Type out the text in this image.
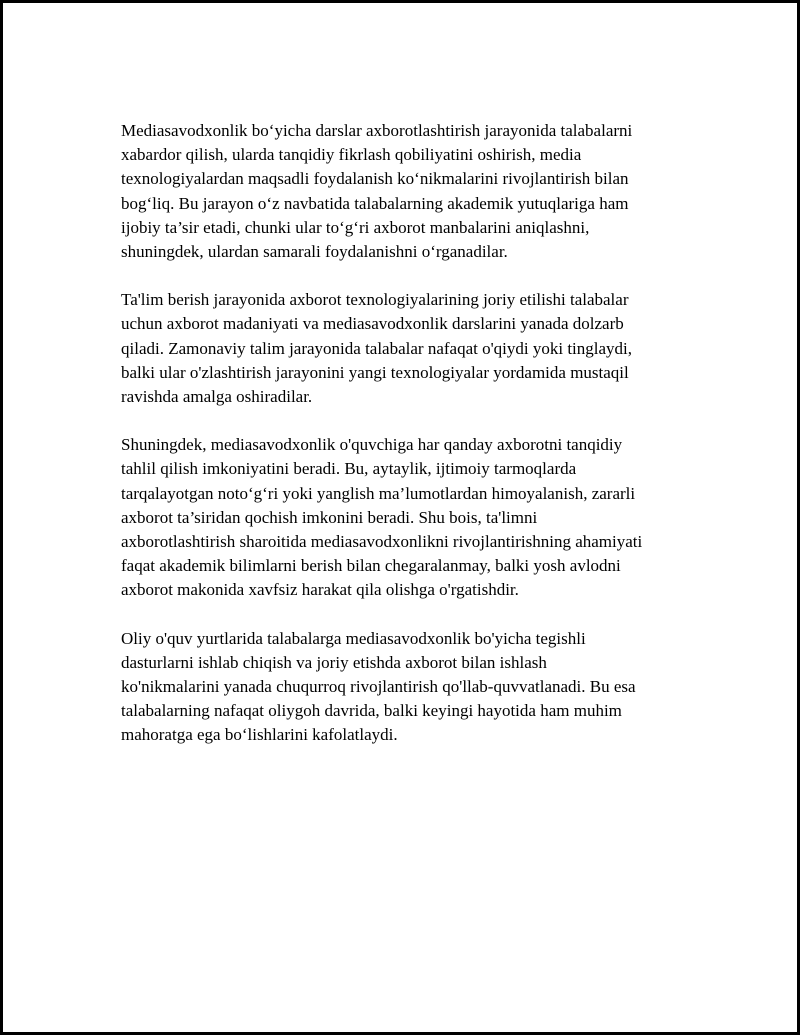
Mediasavodxonlik bo‘yicha darslar axborotlashtirish jarayonida talabalarni
xabardor qilish, ularda tanqidiy fikrlash qobiliyatini oshirish, media
texnologiyalardan maqsadli foydalanish ko‘nikmalarini rivojlantirish bilan
bog‘liq. Bu jarayon o‘z navbatida talabalarning akademik yutuqlariga ham
ijobiy ta’sir etadi, chunki ular to‘g‘ri axborot manbalarini aniqlashni,
shuningdek, ulardan samarali foydalanishni o‘rganadilar.

Ta'lim berish jarayonida axborot texnologiyalarining joriy etilishi talabalar
uchun axborot madaniyati va mediasavodxonlik darslarini yanada dolzarb
qiladi. Zamonaviy talim jarayonida talabalar nafaqat o'qiydi yoki tinglaydi,
balki ular o'zlashtirish jarayonini yangi texnologiyalar yordamida mustaqil
ravishda amalga oshiradilar.

Shuningdek, mediasavodxonlik o'quvchiga har qanday axborotni tanqidiy
tahlil qilish imkoniyatini beradi. Bu, aytaylik, ijtimoiy tarmoqlarda
tarqalayotgan noto‘g‘ri yoki yanglish ma’lumotlardan himoyalanish, zararli
axborot ta’siridan qochish imkonini beradi. Shu bois, ta'limni
axborotlashtirish sharoitida mediasavodxonlikni rivojlantirishning ahamiyati
faqat akademik bilimlarni berish bilan chegaralanmay, balki yosh avlodni
axborot makonida xavfsiz harakat qila olishga o'rgatishdir.

Oliy o'quv yurtlarida talabalarga mediasavodxonlik bo'yicha tegishli
dasturlarni ishlab chiqish va joriy etishda axborot bilan ishlash
ko'nikmalarini yanada chuqurroq rivojlantirish qo'llab-quvvatlanadi. Bu esa
talabalarning nafaqat oliygoh davrida, balki keyingi hayotida ham muhim
mahoratga ega bo‘lishlarini kafolatlaydi.
